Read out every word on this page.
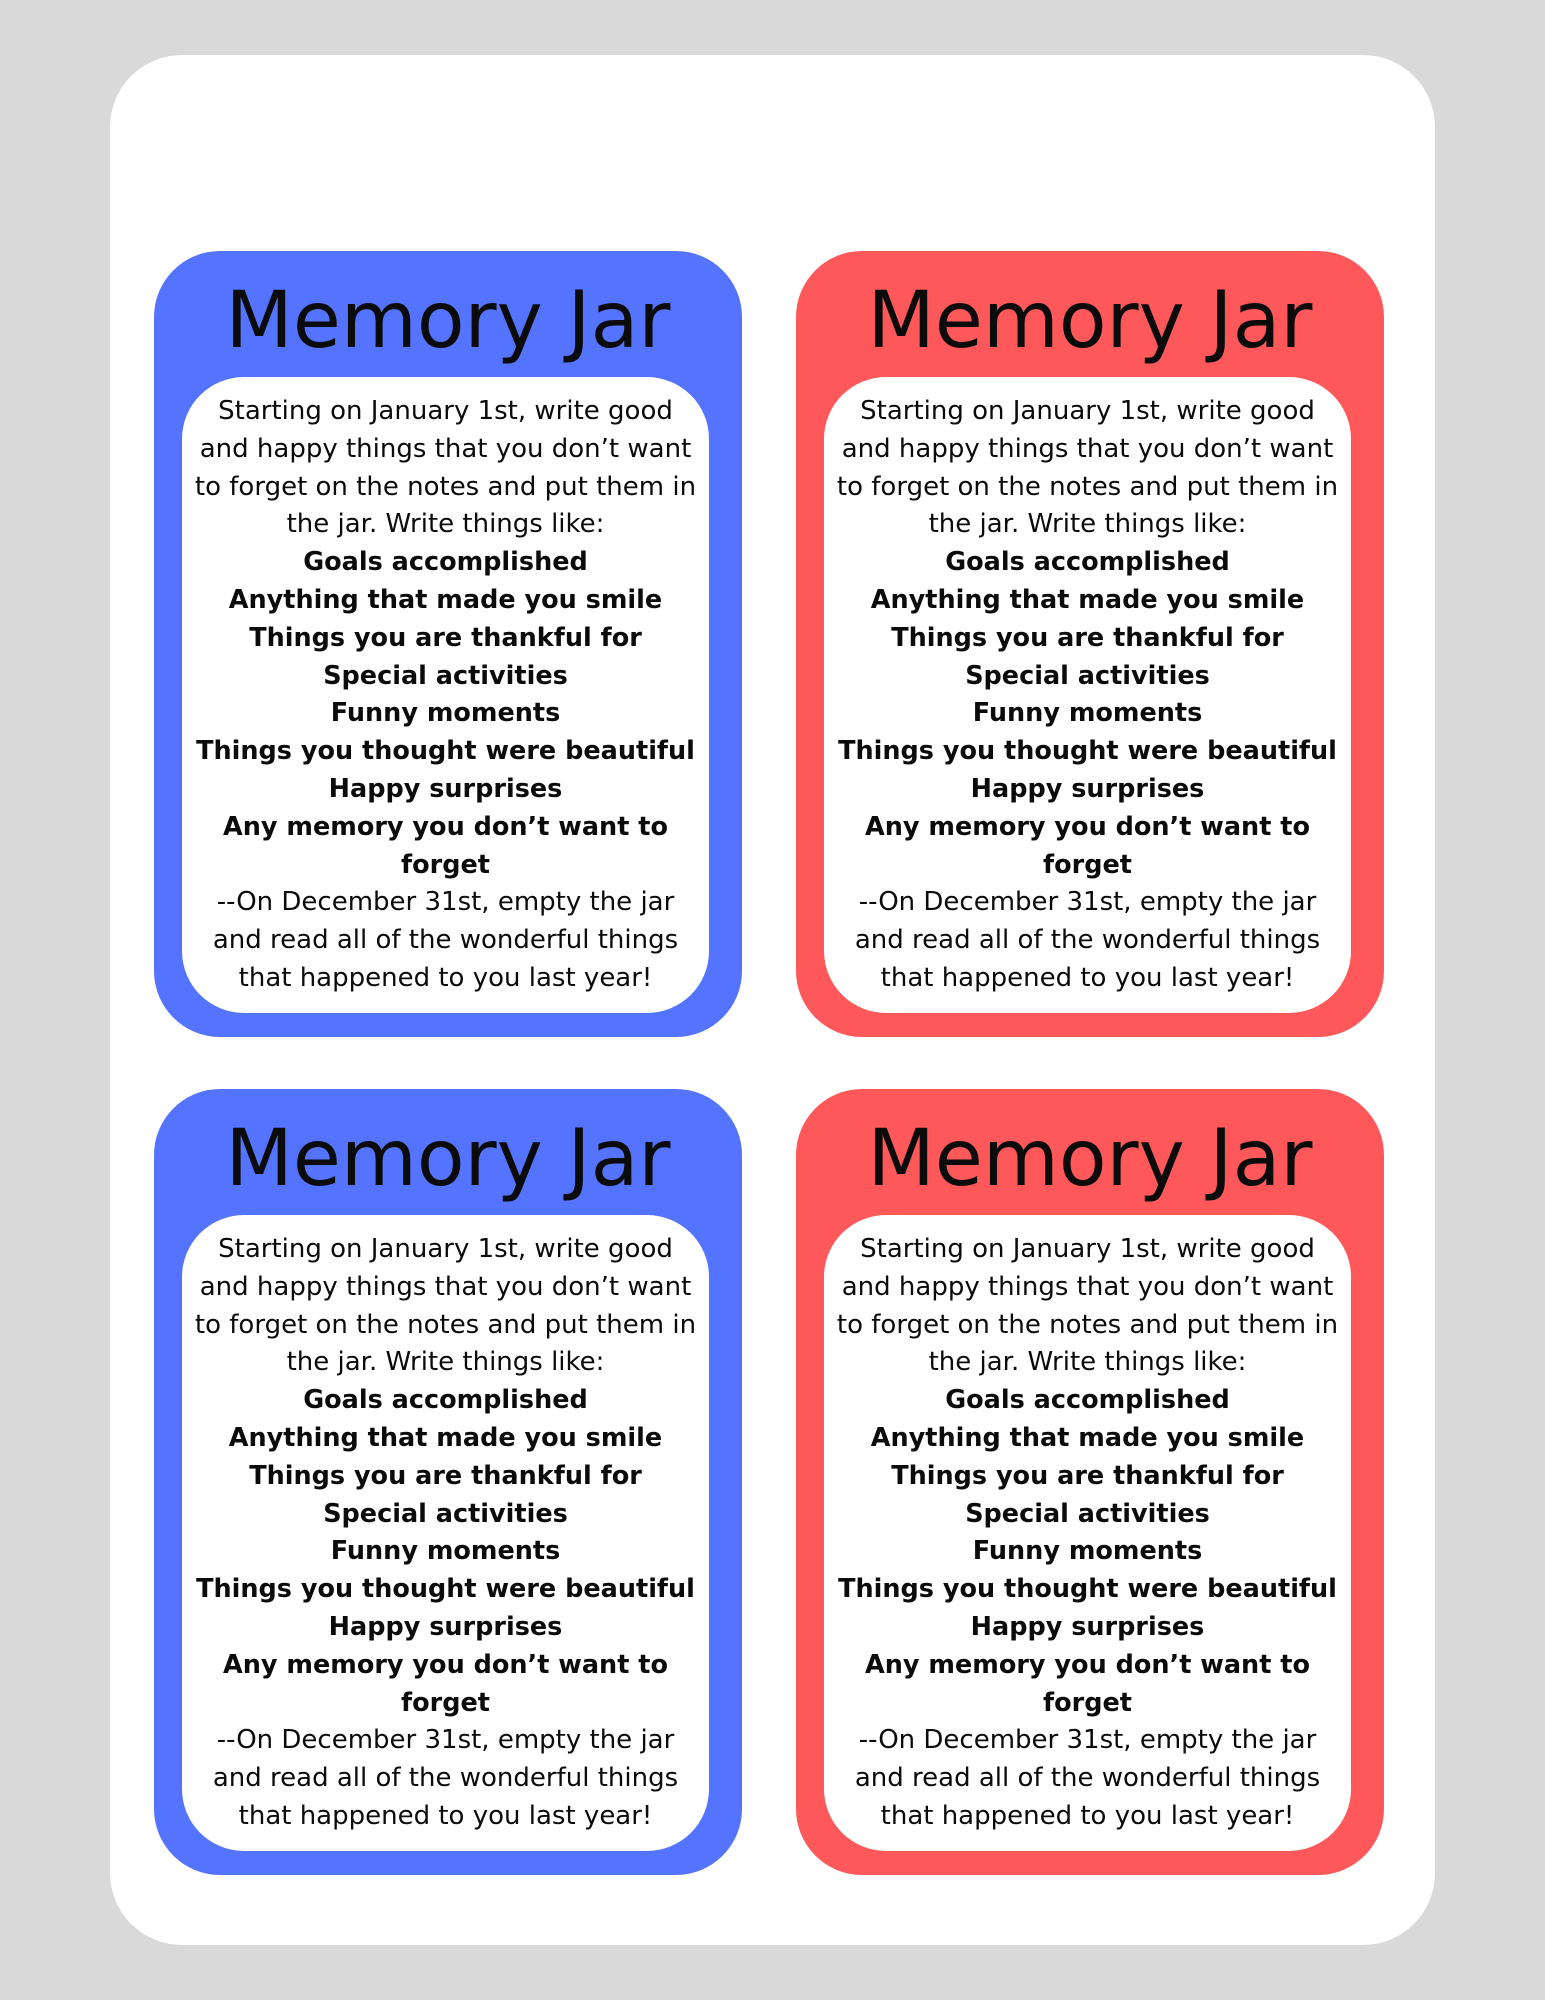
Memory Jar

Starting on January 1st, write good and happy things that you don’t want to forget on the notes and put them in the jar. Write things like:

Goals accomplished
Anything that made you smile
Things you are thankful for
Special activities
Funny moments
Things you thought were beautiful
Happy surprises
Any memory you don’t want to forget

--On December 31st, empty the jar and read all of the wonderful things that happened to you last year!

Memory Jar

Starting on January 1st, write good and happy things that you don’t want to forget on the notes and put them in the jar. Write things like:

Goals accomplished
Anything that made you smile
Things you are thankful for
Special activities
Funny moments
Things you thought were beautiful
Happy surprises
Any memory you don’t want to forget

--On December 31st, empty the jar and read all of the wonderful things that happened to you last year!

Memory Jar

Starting on January 1st, write good and happy things that you don’t want to forget on the notes and put them in the jar. Write things like:

Goals accomplished
Anything that made you smile
Things you are thankful for
Special activities
Funny moments
Things you thought were beautiful
Happy surprises
Any memory you don’t want to forget

--On December 31st, empty the jar and read all of the wonderful things that happened to you last year!

Memory Jar

Starting on January 1st, write good and happy things that you don’t want to forget on the notes and put them in the jar. Write things like:

Goals accomplished
Anything that made you smile
Things you are thankful for
Special activities
Funny moments
Things you thought were beautiful
Happy surprises
Any memory you don’t want to forget

--On December 31st, empty the jar and read all of the wonderful things that happened to you last year!
